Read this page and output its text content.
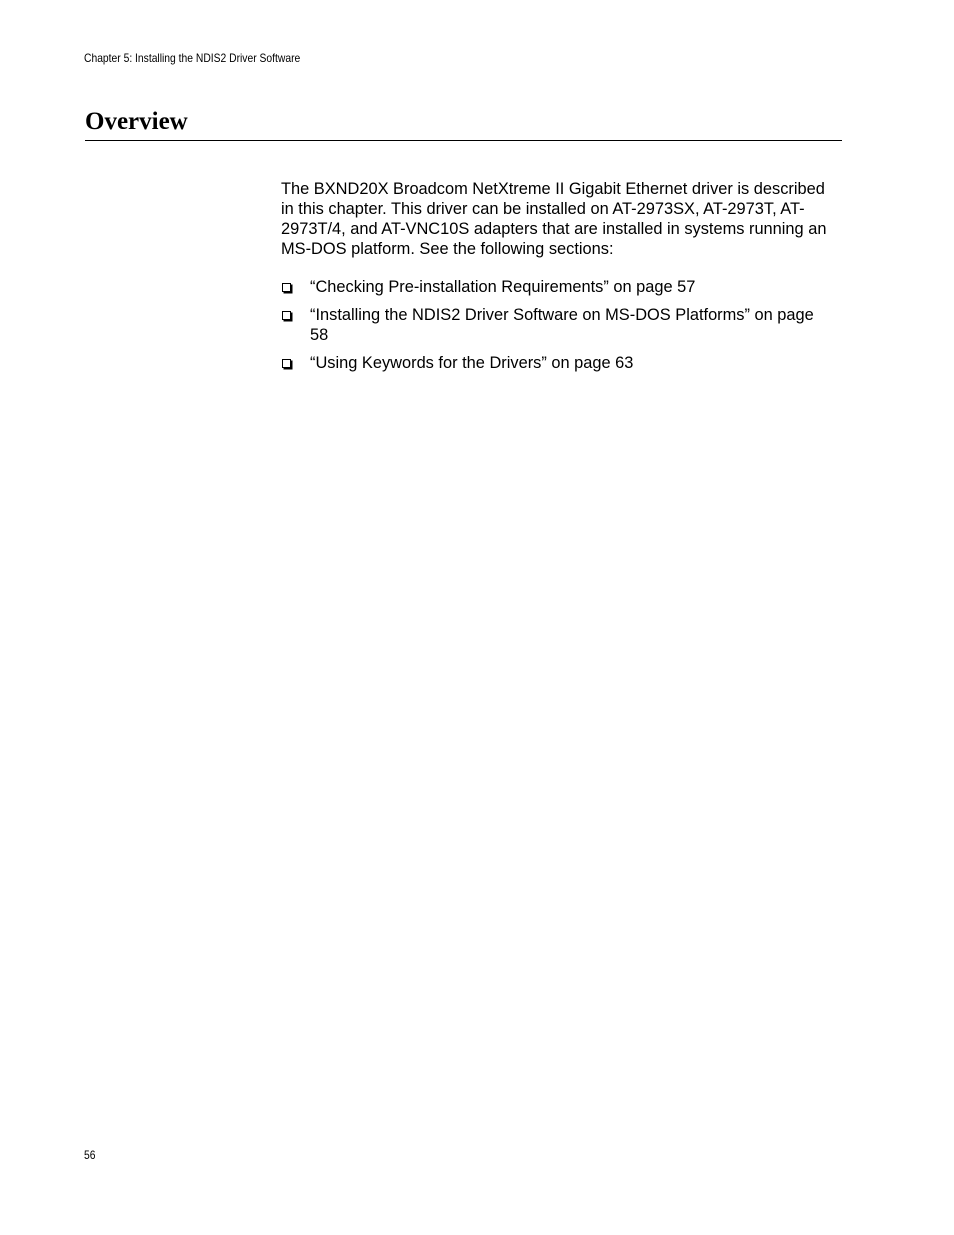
Chapter 5: Installing the NDIS2 Driver Software
Overview

The BXND20X Broadcom NetXtreme II Gigabit Ethernet driver is described in this chapter. This driver can be installed on AT-2973SX, AT-2973T, AT-2973T/4, and AT-VNC10S adapters that are installed in systems running an MS-DOS platform. See the following sections:

“Checking Pre-installation Requirements” on page 57
“Installing the NDIS2 Driver Software on MS-DOS Platforms” on page 58
“Using Keywords for the Drivers” on page 63
56
